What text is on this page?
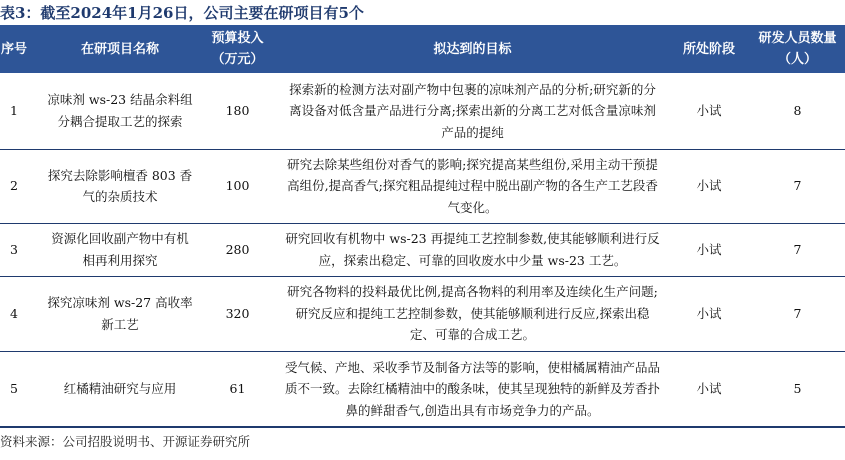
表3：截至2024年1月26日，公司主要在研项目有5个
序号	在研项目名称	预算投入（万元）	拟达到的目标	所处阶段	研发人员数量（人）
1	凉味剂 ws-23 结晶余料组分耦合提取工艺的探索	180	探索新的检测方法对副产物中包裹的凉味剂产品的分析;研究新的分离设备对低含量产品进行分离;探索出新的分离工艺对低含量凉味剂产品的提纯	小试	8
2	探究去除影响檀香 803 香气的杂质技术	100	研究去除某些组份对香气的影响;探究提高某些组份,采用主动干预提高组份,提高香气;探究粗品提纯过程中脱出副产物的各生产工艺段香气变化。	小试	7
3	资源化回收副产物中有机相再利用探究	280	研究回收有机物中 ws-23 再提纯工艺控制参数,使其能够顺利进行反应，探索出稳定、可靠的回收废水中少量 ws-23 工艺。	小试	7
4	探究凉味剂 ws-27 高收率新工艺	320	研究各物料的投料最优比例,提高各物料的利用率及连续化生产问题;研究反应和提纯工艺控制参数，使其能够顺利进行反应,探索出稳定、可靠的合成工艺。	小试	7
5	红橘精油研究与应用	61	受气候、产地、采收季节及制备方法等的影响，使柑橘属精油产品品质不一致。去除红橘精油中的酸条味，使其呈现独特的新鲜及芳香扑鼻的鲜甜香气,创造出具有市场竞争力的产品。	小试	5
资料来源：公司招股说明书、开源证券研究所
